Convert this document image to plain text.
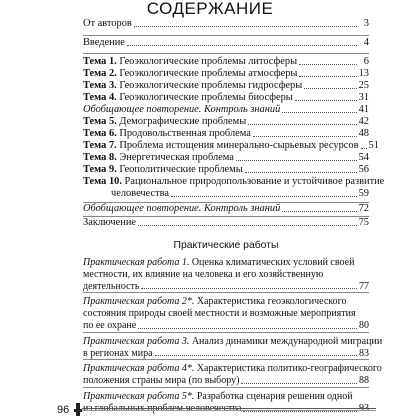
СОДЕРЖАНИЕ
От авторов	3
Введение	4
Тема 1. Геоэкологические проблемы литосферы	6
Тема 2. Геоэкологические проблемы атмосферы	13
Тема 3. Геоэкологические проблемы гидросферы	25
Тема 4. Геоэкологические проблемы биосферы	31
Обобщающее повторение. Контроль знаний	41
Тема 5. Демографические проблемы	42
Тема 6. Продовольственная проблема	48
Тема 7. Проблема истощения минерально-сырьевых ресурсов 51
Тема 8. Энергетическая проблема	54
Тема 9. Геополитические проблемы	56
Тема 10. Рациональное природопользование и устойчивое развитие
человечества	59
Обобщающее повторение. Контроль знаний	72
Заключение	75
Практические работы
Практическая работа 1. Оценка климатических условий своей
местности, их влияние на человека и его хозяйственную
деятельность	77
Практическая работа 2*. Характеристика геоэкологического
состояния природы своей местности и возможные мероприятия
по ее охране	80
Практическая работа 3. Анализ динамики международной миграции
в регионах мира	83
Практическая работа 4*. Характеристика политико-географического
положения страны мира (по выбору)	88
Практическая работа 5*. Разработка сценария решения одной
из глобальных проблем человечества	93
96
